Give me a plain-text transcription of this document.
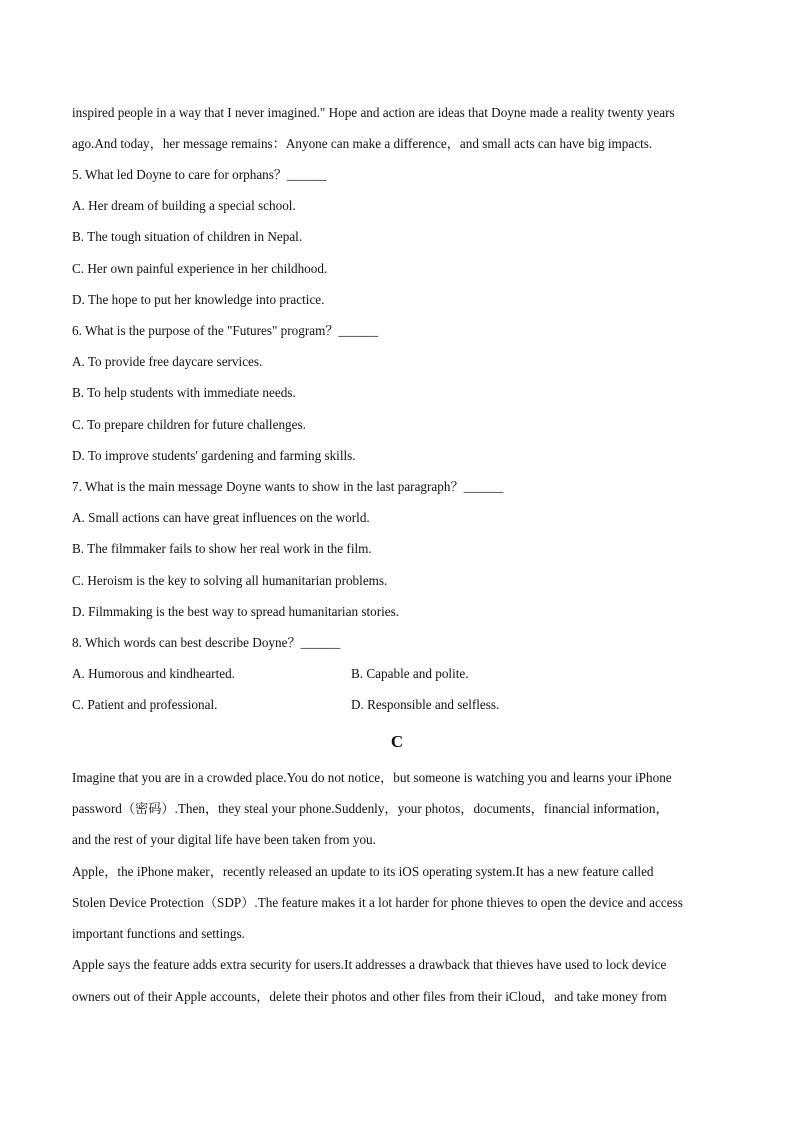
inspired people in a way that I never imagined." Hope and action are ideas that Doyne made a reality twenty years
ago.And today，her message remains：Anyone can make a difference，and small acts can have big impacts.
5. What led Doyne to care for orphans？______
A. Her dream of building a special school.
B. The tough situation of children in Nepal.
C. Her own painful experience in her childhood.
D. The hope to put her knowledge into practice.
6. What is the purpose of the "Futures" program？______
A. To provide free daycare services.
B. To help students with immediate needs.
C. To prepare children for future challenges.
D. To improve students' gardening and farming skills.
7. What is the main message Doyne wants to show in the last paragraph？______
A. Small actions can have great influences on the world.
B. The filmmaker fails to show her real work in the film.
C. Heroism is the key to solving all humanitarian problems.
D. Filmmaking is the best way to spread humanitarian stories.
8. Which words can best describe Doyne？______
A. Humorous and kindhearted.	B. Capable and polite.
C. Patient and professional.	D. Responsible and selfless.
C
Imagine that you are in a crowded place.You do not notice，but someone is watching you and learns your iPhone
password（密码）.Then，they steal your phone.Suddenly，your photos，documents，financial information，
and the rest of your digital life have been taken from you.
Apple，the iPhone maker，recently released an update to its iOS operating system.It has a new feature called
Stolen Device Protection（SDP）.The feature makes it a lot harder for phone thieves to open the device and access
important functions and settings.
Apple says the feature adds extra security for users.It addresses a drawback that thieves have used to lock device
owners out of their Apple accounts，delete their photos and other files from their iCloud，and take money from
